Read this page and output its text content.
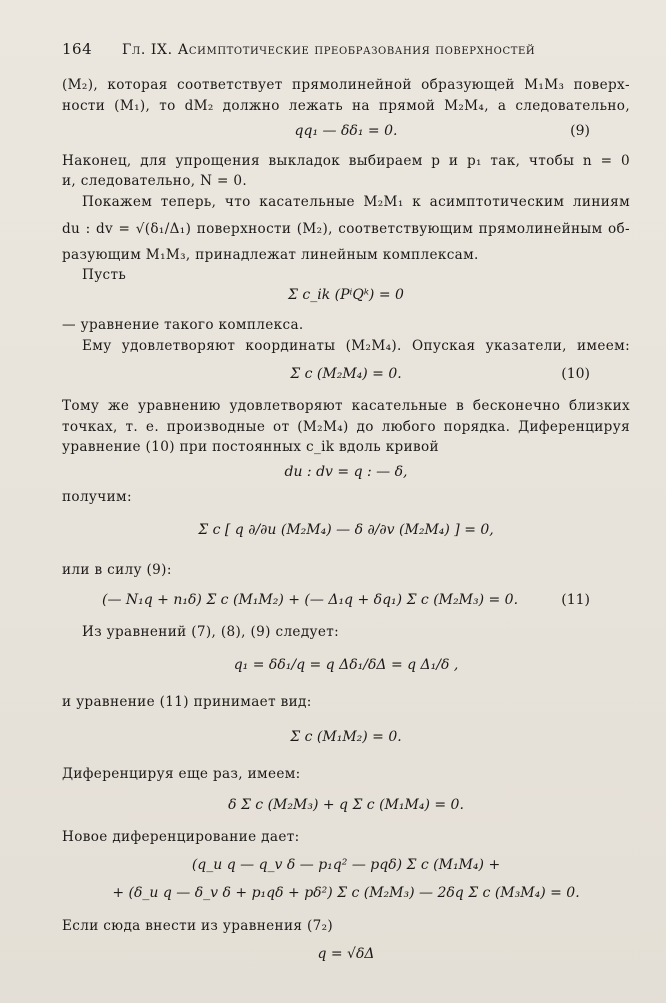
164	Гл. IX. Асимптотические преобразования поверхностей
(M₂), которая соответствует прямолинейной образующей M₁M₃ поверх-
ности (M₁), то dM₂ должно лежать на прямой M₂M₄, а следовательно,
qq₁ — δδ₁ = 0.	(9)
Наконец, для упрощения выкладок выбираем p и p₁ так, чтобы n = 0
и, следовательно, N = 0.
Покажем теперь, что касательные M₂M₁ к асимптотическим линиям
du : dv = √(δ₁/Δ₁) поверхности (M₂), соответствующим прямолинейным об-
разующим M₁M₃, принадлежат линейным комплексам.
Пусть
Σ c_ik (PⁱQᵏ) = 0
— уравнение такого комплекса.
Ему удовлетворяют координаты (M₂M₄). Опуская указатели, имеем:
Σ c (M₂M₄) = 0.	(10)
Тому же уравнению удовлетворяют касательные в бесконечно близких
точках, т. е. производные от (M₂M₄) до любого порядка. Диференцируя
уравнение (10) при постоянных c_ik вдоль кривой
du : dv = q : — δ,
получим:
Σ c [ q ∂/∂u (M₂M₄) — δ ∂/∂v (M₂M₄) ] = 0,
или в силу (9):
(— N₁q + n₁δ) Σ c (M₁M₂) + (— Δ₁q + δq₁) Σ c (M₂M₃) = 0.	(11)
Из уравнений (7), (8), (9) следует:
q₁ = δδ₁/q = q Δδ₁/δΔ = q Δ₁/δ ,
и уравнение (11) принимает вид:
Σ c (M₁M₂) = 0.
Диференцируя еще раз, имеем:
δ Σ c (M₂M₃) + q Σ c (M₁M₄) = 0.
Новое диференцирование дает:
(q_u q — q_v δ — p₁q² — pqδ) Σ c (M₁M₄) +
+ (δ_u q — δ_v δ + p₁qδ + pδ²) Σ c (M₂M₃) — 2δq Σ c (M₃M₄) = 0.
Если сюда внести из уравнения (7₂)
q = √δΔ
